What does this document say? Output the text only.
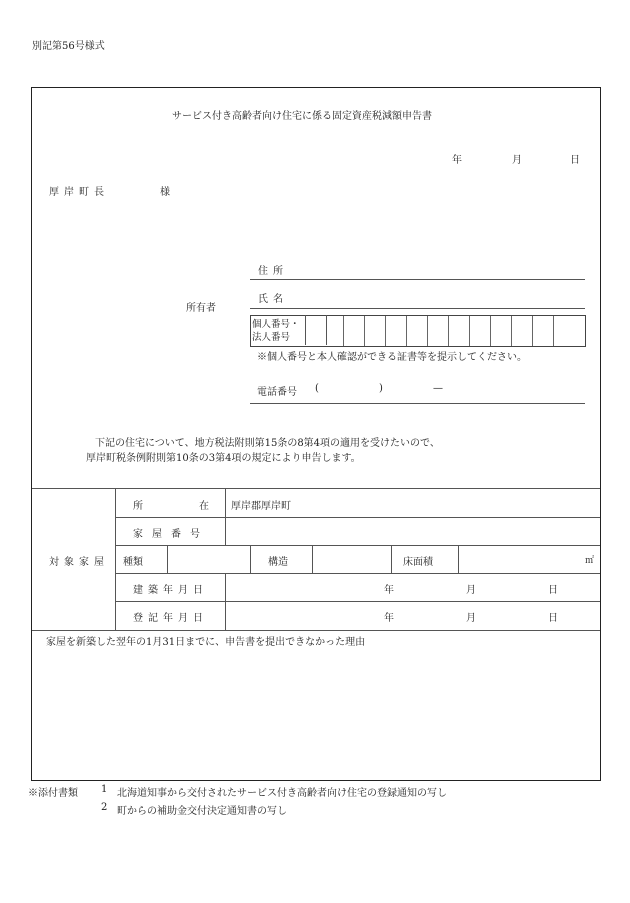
別記第56号様式
サービス付き高齢者向け住宅に係る固定資産税減額申告書
年	月	日
厚岸町長	様
所有者
住所
氏名
個人番号・
法人番号
※個人番号と本人確認ができる証書等を提示してください。
電話番号 (	)	—
下記の住宅について、地方税法附則第15条の8第4項の適用を受けたいので、
厚岸町税条例附則第10条の3第4項の規定により申告します。
対象家屋
所	在 厚岸郡厚岸町
家屋番号
種類	構造	床面積	㎡
建築年月日	年	月	日
登記年月日	年	月	日
家屋を新築した翌年の1月31日までに、申告書を提出できなかった理由
※添付書類 1 北海道知事から交付されたサービス付き高齢者向け住宅の登録通知の写し
2 町からの補助金交付決定通知書の写し
